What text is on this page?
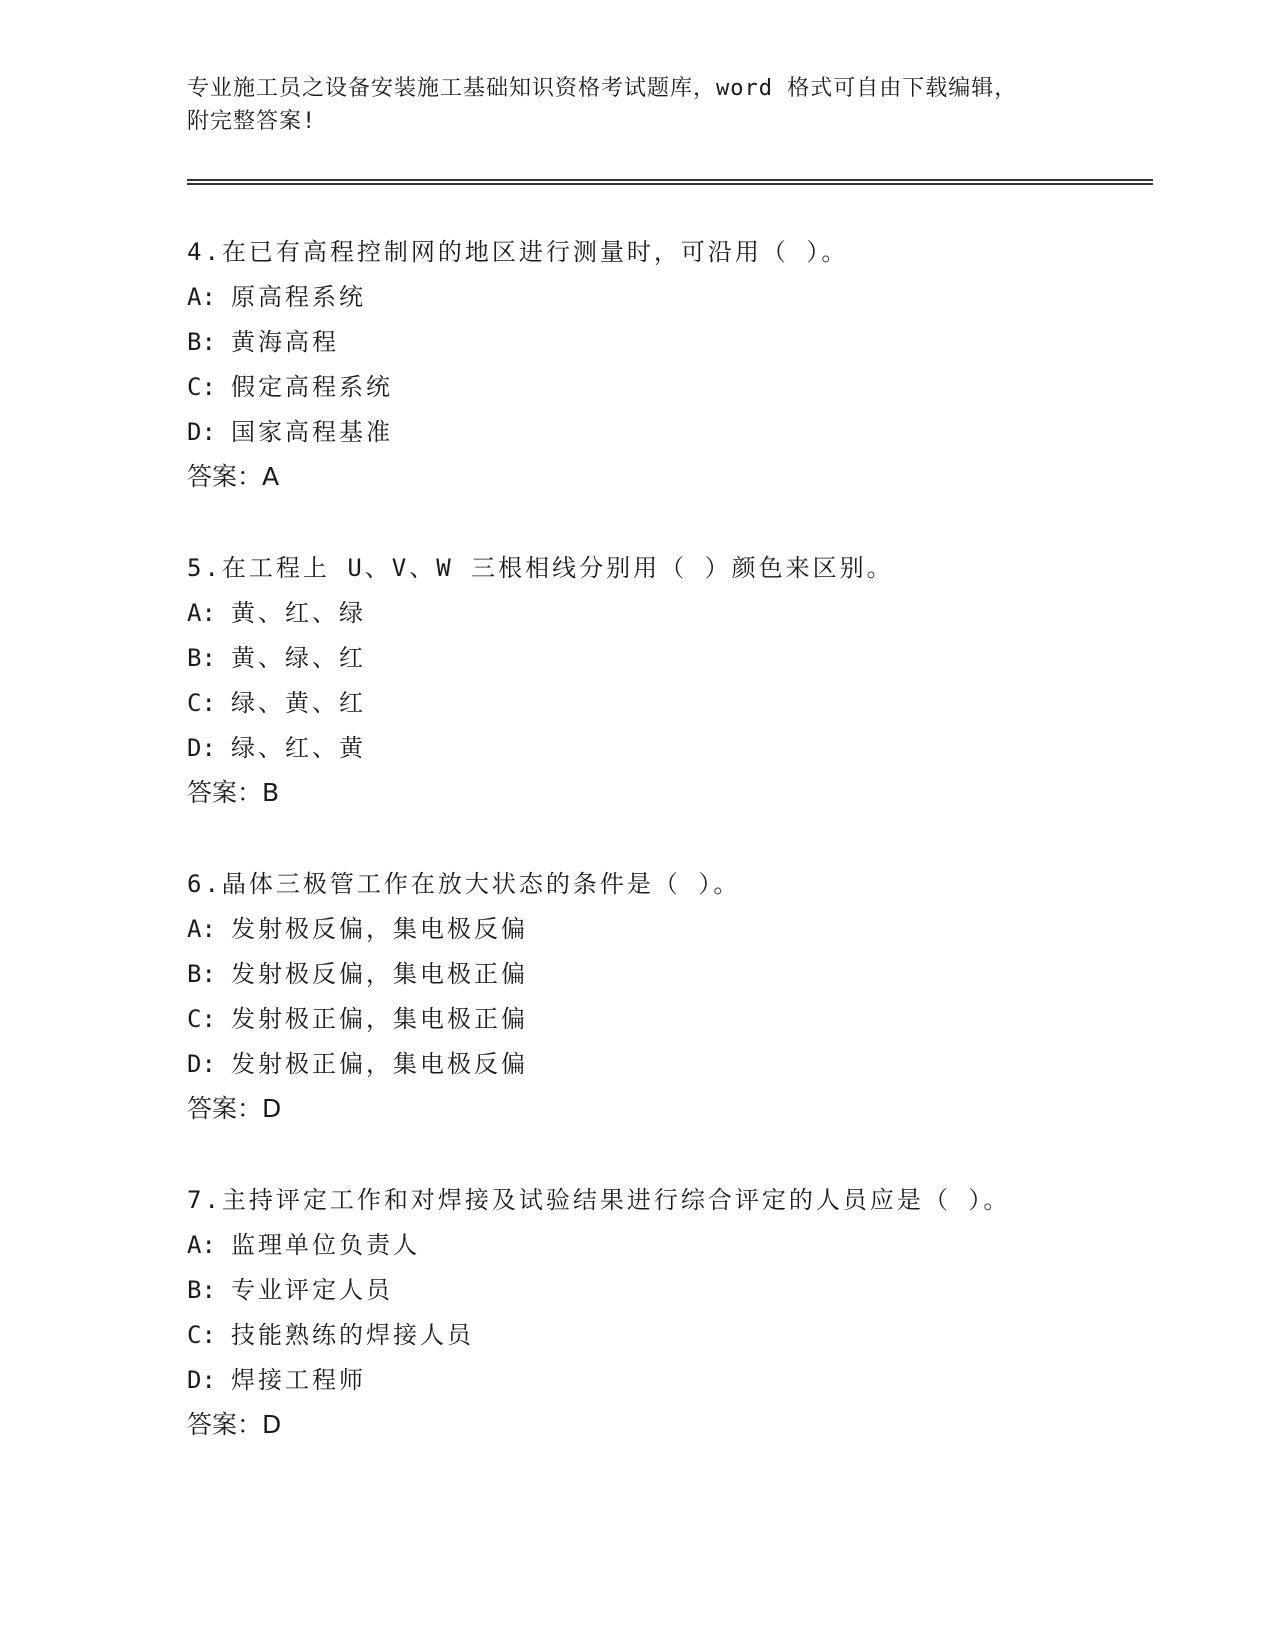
专业施工员之设备安装施工基础知识资格考试题库，word 格式可自由下载编辑，
附完整答案!
4.在已有高程控制网的地区进行测量时，可沿用（ ）。
A: 原高程系统
B: 黄海高程
C: 假定高程系统
D: 国家高程基准
答案：A
5.在工程上 U、V、W 三根相线分别用（ ）颜色来区别。
A: 黄、红、绿
B: 黄、绿、红
C: 绿、黄、红
D: 绿、红、黄
答案：B
6.晶体三极管工作在放大状态的条件是（ ）。
A: 发射极反偏，集电极反偏
B: 发射极反偏，集电极正偏
C: 发射极正偏，集电极正偏
D: 发射极正偏，集电极反偏
答案：D
7.主持评定工作和对焊接及试验结果进行综合评定的人员应是（ ）。
A: 监理单位负责人
B: 专业评定人员
C: 技能熟练的焊接人员
D: 焊接工程师
答案：D
